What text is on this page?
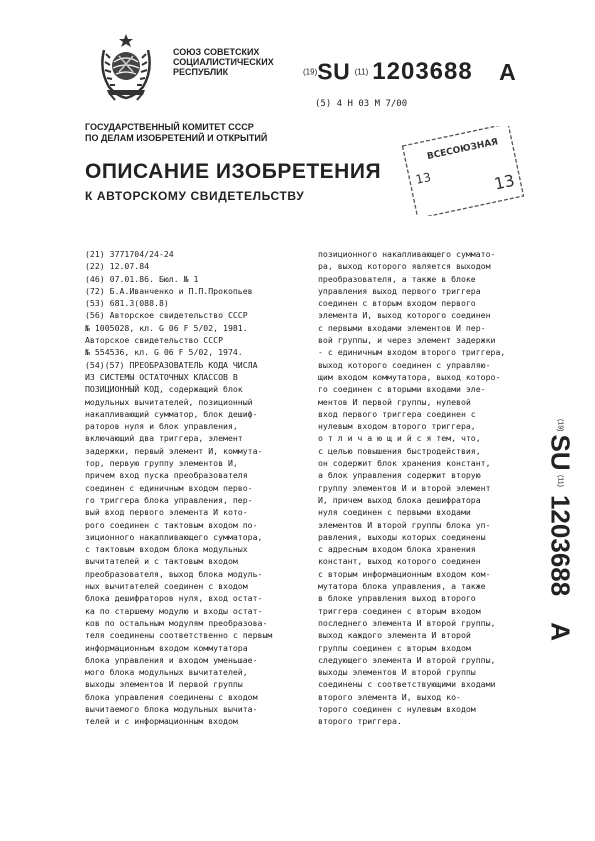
СОЮЗ СОВЕТСКИХ
СОЦИАЛИСТИЧЕСКИХ
РЕСПУБЛИК	(19)SU (11) 1203688 A
(5) 4 H 03 M 7/00
ГОСУДАРСТВЕННЫЙ КОМИТЕТ СССР
ПО ДЕЛАМ ИЗОБРЕТЕНИЙ И ОТКРЫТИЙ
ОПИСАНИЕ ИЗОБРЕТЕНИЯ
К АВТОРСКОМУ СВИДЕТЕЛЬСТВУ
ВСЕСОЮЗНАЯ
13	13
(21) 3771704/24-24
(22) 12.07.84
(46) 07.01.86. Бюл. № 1
(72) Б.А.Иванченко и П.П.Прокопьев
(53) 681.3(088.8)
(56) Авторское свидетельство СССР
№ 1005028, кл. G 06 F 5/02, 1981.
Авторское свидетельство СССР
№ 554536, кл. G 06 F 5/02, 1974.
(54)(57) ПРЕОБРАЗОВАТЕЛЬ КОДА ЧИСЛА
ИЗ СИСТЕМЫ ОСТАТОЧНЫХ КЛАССОВ В
ПОЗИЦИОННЫЙ КОД, содержащий блок
модульных вычитателей, позиционный
накапливающий сумматор, блок дешиф-
раторов нуля и блок управления,
включающий два триггера, элемент
задержки, первый элемент И, коммута-
тор, первую группу элементов И,
причем вход пуска преобразователя
соединен с единичным входом перво-
го триггера блока управления, пер-
вый вход первого элемента И кото-
рого соединен с тактовым входом по-
зиционного накапливающего сумматора,
с тактовым входом блока модульных
вычитателей и с тактовым входом
преобразователя, выход блока модуль-
ных вычитателей соединен с входом
блока дешифраторов нуля, вход остат-
ка по старшему модулю и входы остат-
ков по остальным модулям преобразова-
теля соединены соответственно с первым
информационным входом коммутатора
блока управления и входом уменьшае-
мого блока модульных вычитателей,
выходы элементов И первой группы
блока управления соединены с входом
вычитаемого блока модульных вычита-
телей и с информационным входом
позиционного накапливающего суммато-
ра, выход которого является выходом
преобразователя, а также в блоке
управления выход первого триггера
соединен с вторым входом первого
элемента И, выход которого соединен
с первыми входами элементов И пер-
вой группы, и через элемент задержки
- с единичным входом второго триггера,
выход которого соединен с управляю-
щим входом коммутатора, выход которо-
го соединен с вторыми входами эле-
ментов И первой группы, нулевой
вход первого триггера соединен с
нулевым входом второго триггера,
о т л и ч а ю щ и й с я тем, что,
с целью повышения быстродействия,
он содержит блок хранения констант,
а блок управления содержит вторую
группу элементов И и второй элемент
И, причем выход блока дешифратора
нуля соединен с первыми входами
элементов И второй группы блока уп-
равления, выходы которых соединены
с адресным входом блока хранения
констант, выход которого соединен
с вторым информационным входом ком-
мутатора блока управления, а также
в блоке управления выход второго
триггера соединен с вторым входом
последнего элемента И второй группы,
выход каждого элемента И второй
группы соединен с вторым входом
следующего элемента И второй группы,
выходы элементов И второй группы
соединены с соответствующими входами
второго элемента И, выход ко-
торого соединен с нулевым входом
второго триггера.
(19)SU (11)1203688A
